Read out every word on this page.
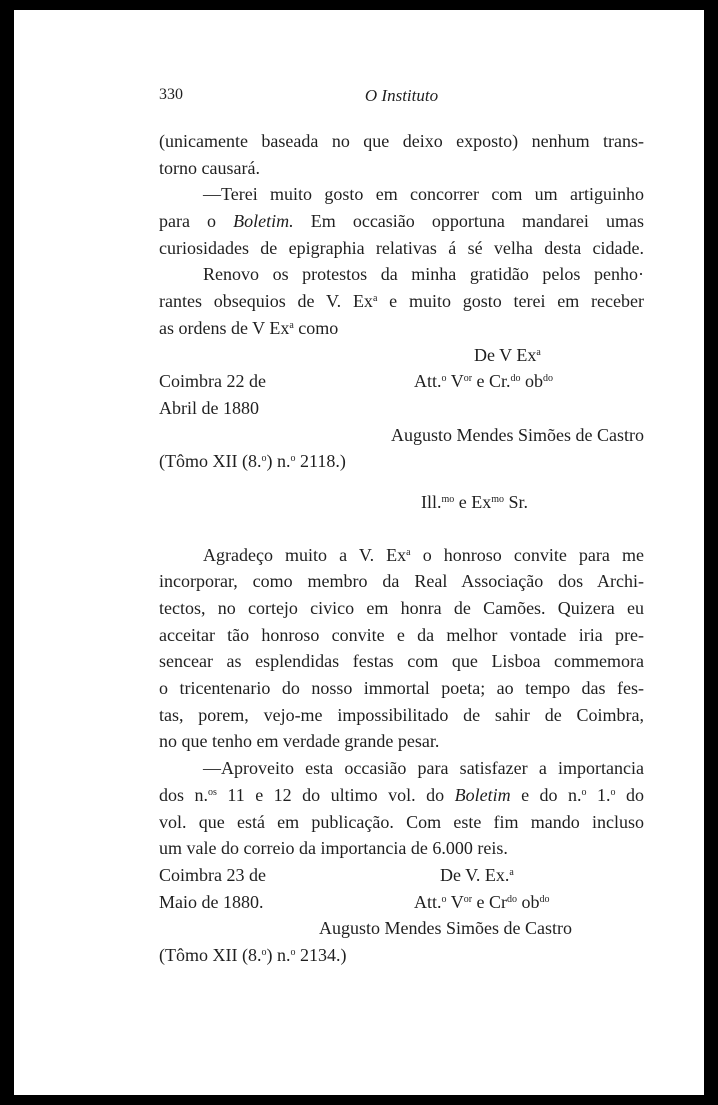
330	O Instituto
(unicamente baseada no que deixo exposto) nenhum trans-
torno causará.
—Terei muito gosto em concorrer com um artiguinho
para o Boletim. Em occasião opportuna mandarei umas
curiosidades de epigraphia relativas á sé velha desta cidade.
Renovo os protestos da minha gratidão pelos penho·
rantes obsequios de V. Ex$^a$ e muito gosto terei em receber
as ordens de V Ex$^a$ como
De V Ex$^a$
Coimbra 22 de	Att.$^o$ $V^{or}$ e Cr.$^{do}$ $ob^{do}$
Abril de 1880
Augusto Mendes Simões de Castro
(Tômo XII (8.$^o$) n.$^o$ 2118.)
Ill.$^{mo}$ e $Ex^{mo}$ Sr.
Agradeço muito a V. Ex$^a$ o honroso convite para me
incorporar, como membro da Real Associação dos Archi-
tectos, no cortejo civico em honra de Camões. Quizera eu
acceitar tão honroso convite e da melhor vontade iria pre-
sencear as esplendidas festas com que Lisboa commemora
o tricentenario do nosso immortal poeta; ao tempo das fes-
tas, porem, vejo-me impossibilitado de sahir de Coimbra,
no que tenho em verdade grande pesar.
—Aproveito esta occasião para satisfazer a importancia
dos n.$^{os}$ 11 e 12 do ultimo vol. do Boletim e do n.$^o$ 1.$^o$ do
vol. que está em publicação. Com este fim mando incluso
um vale do correio da importancia de 6.000 reis.
Coimbra 23 de	De V. Ex.$^a$
Maio de 1880.	Att.$^o$ $V^{or}$ e $Cr^{do}$ $ob^{do}$
Augusto Mendes Simões de Castro
(Tômo XII (8.$^o$) n.$^o$ 2134.)
